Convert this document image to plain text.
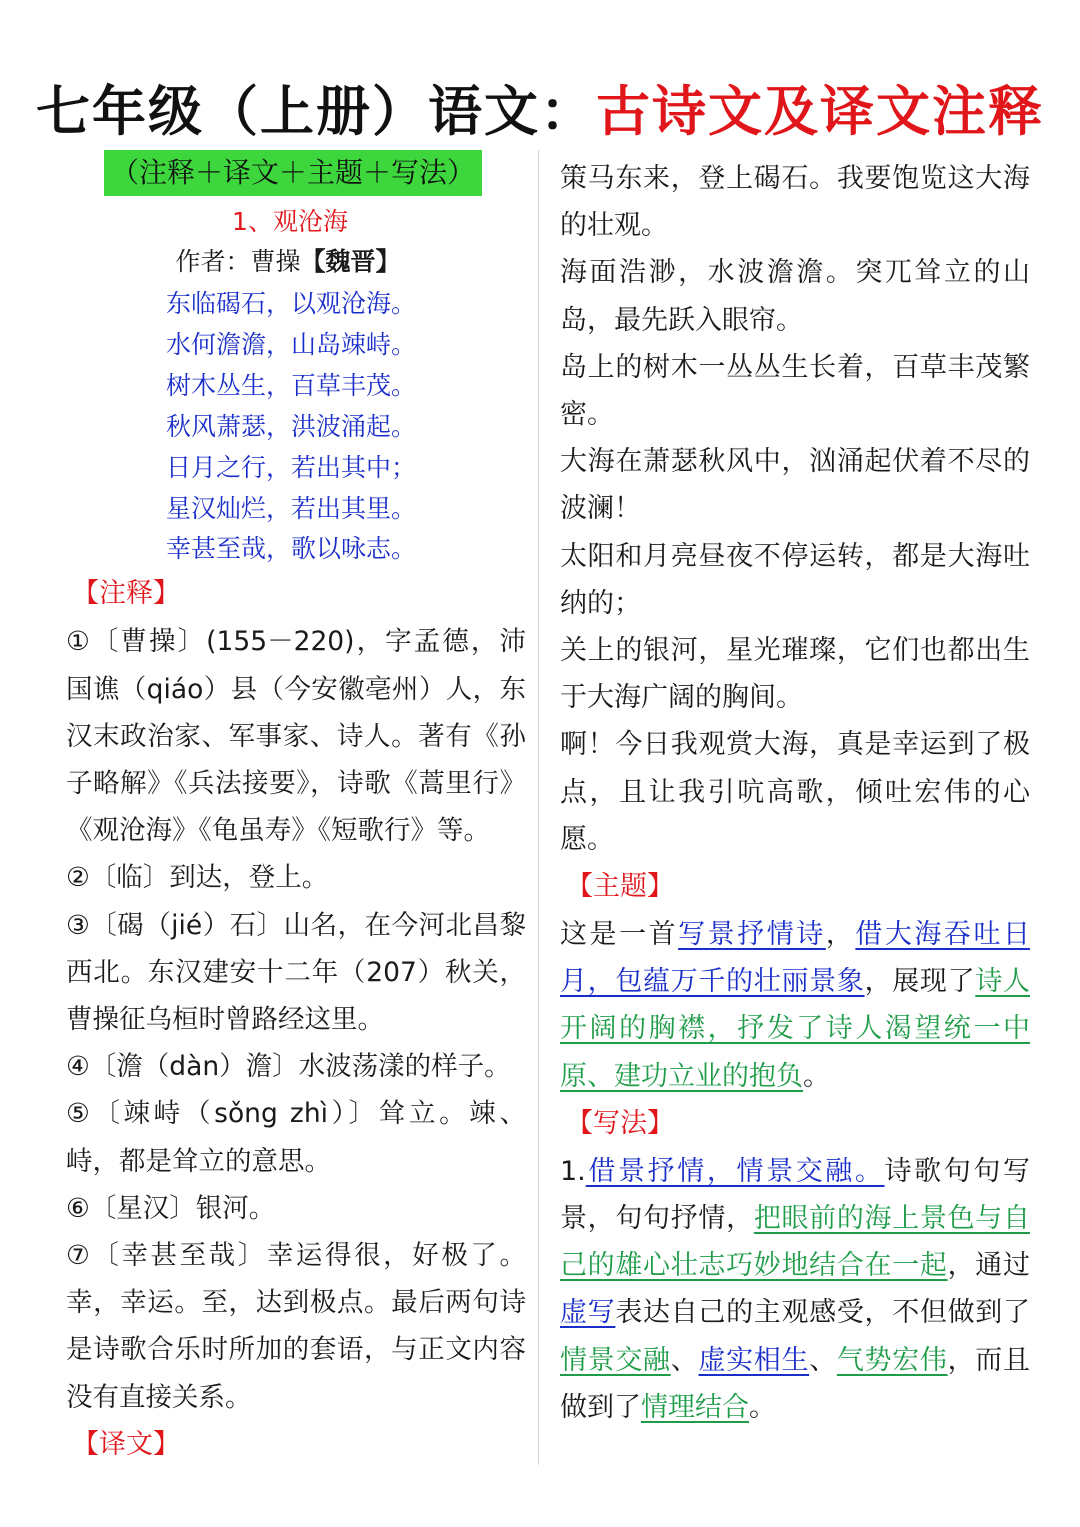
七年级（上册）语文：古诗文及译文注释
（注释＋译文＋主题＋写法）
1、观沧海
作者：曹操【魏晋】
东临碣石，以观沧海。
水何澹澹，山岛竦峙。
树木丛生，百草丰茂。
秋风萧瑟，洪波涌起。
日月之行，若出其中；
星汉灿烂，若出其里。
幸甚至哉，歌以咏志。
【注释】
①〔曹操〕(155－220)，字孟德，沛国谯（qiáo）县（今安徽亳州）人，东汉末政治家、军事家、诗人。著有《孙子略解》《兵法接要》，诗歌《蒿里行》《观沧海》《龟虽寿》《短歌行》等。
②〔临〕到达，登上。
③〔碣（jié）石〕山名，在今河北昌黎西北。东汉建安十二年（207）秋关，曹操征乌桓时曾路经这里。
④〔澹（dàn）澹〕水波荡漾的样子。
⑤〔竦峙（sǒng zhì）〕耸立。竦、峙，都是耸立的意思。
⑥〔星汉〕银河。
⑦〔幸甚至哉〕幸运得很，好极了。幸，幸运。至，达到极点。最后两句诗是诗歌合乐时所加的套语，与正文内容没有直接关系。
【译文】
策马东来，登上碣石。我要饱览这大海的壮观。
海面浩渺，水波澹澹。突兀耸立的山岛，最先跃入眼帘。
岛上的树木一丛丛生长着，百草丰茂繁密。
大海在萧瑟秋风中，汹涌起伏着不尽的波澜！
太阳和月亮昼夜不停运转，都是大海吐纳的；
关上的银河，星光璀璨，它们也都出生于大海广阔的胸间。
啊！今日我观赏大海，真是幸运到了极点，且让我引吭高歌，倾吐宏伟的心愿。
【主题】
这是一首写景抒情诗，借大海吞吐日月，包蕴万千的壮丽景象，展现了诗人开阔的胸襟，抒发了诗人渴望统一中原、建功立业的抱负。
【写法】
1.借景抒情，情景交融。诗歌句句写景，句句抒情，把眼前的海上景色与自己的雄心壮志巧妙地结合在一起，通过虚写表达自己的主观感受，不但做到了情景交融、虚实相生、气势宏伟，而且做到了情理结合。
